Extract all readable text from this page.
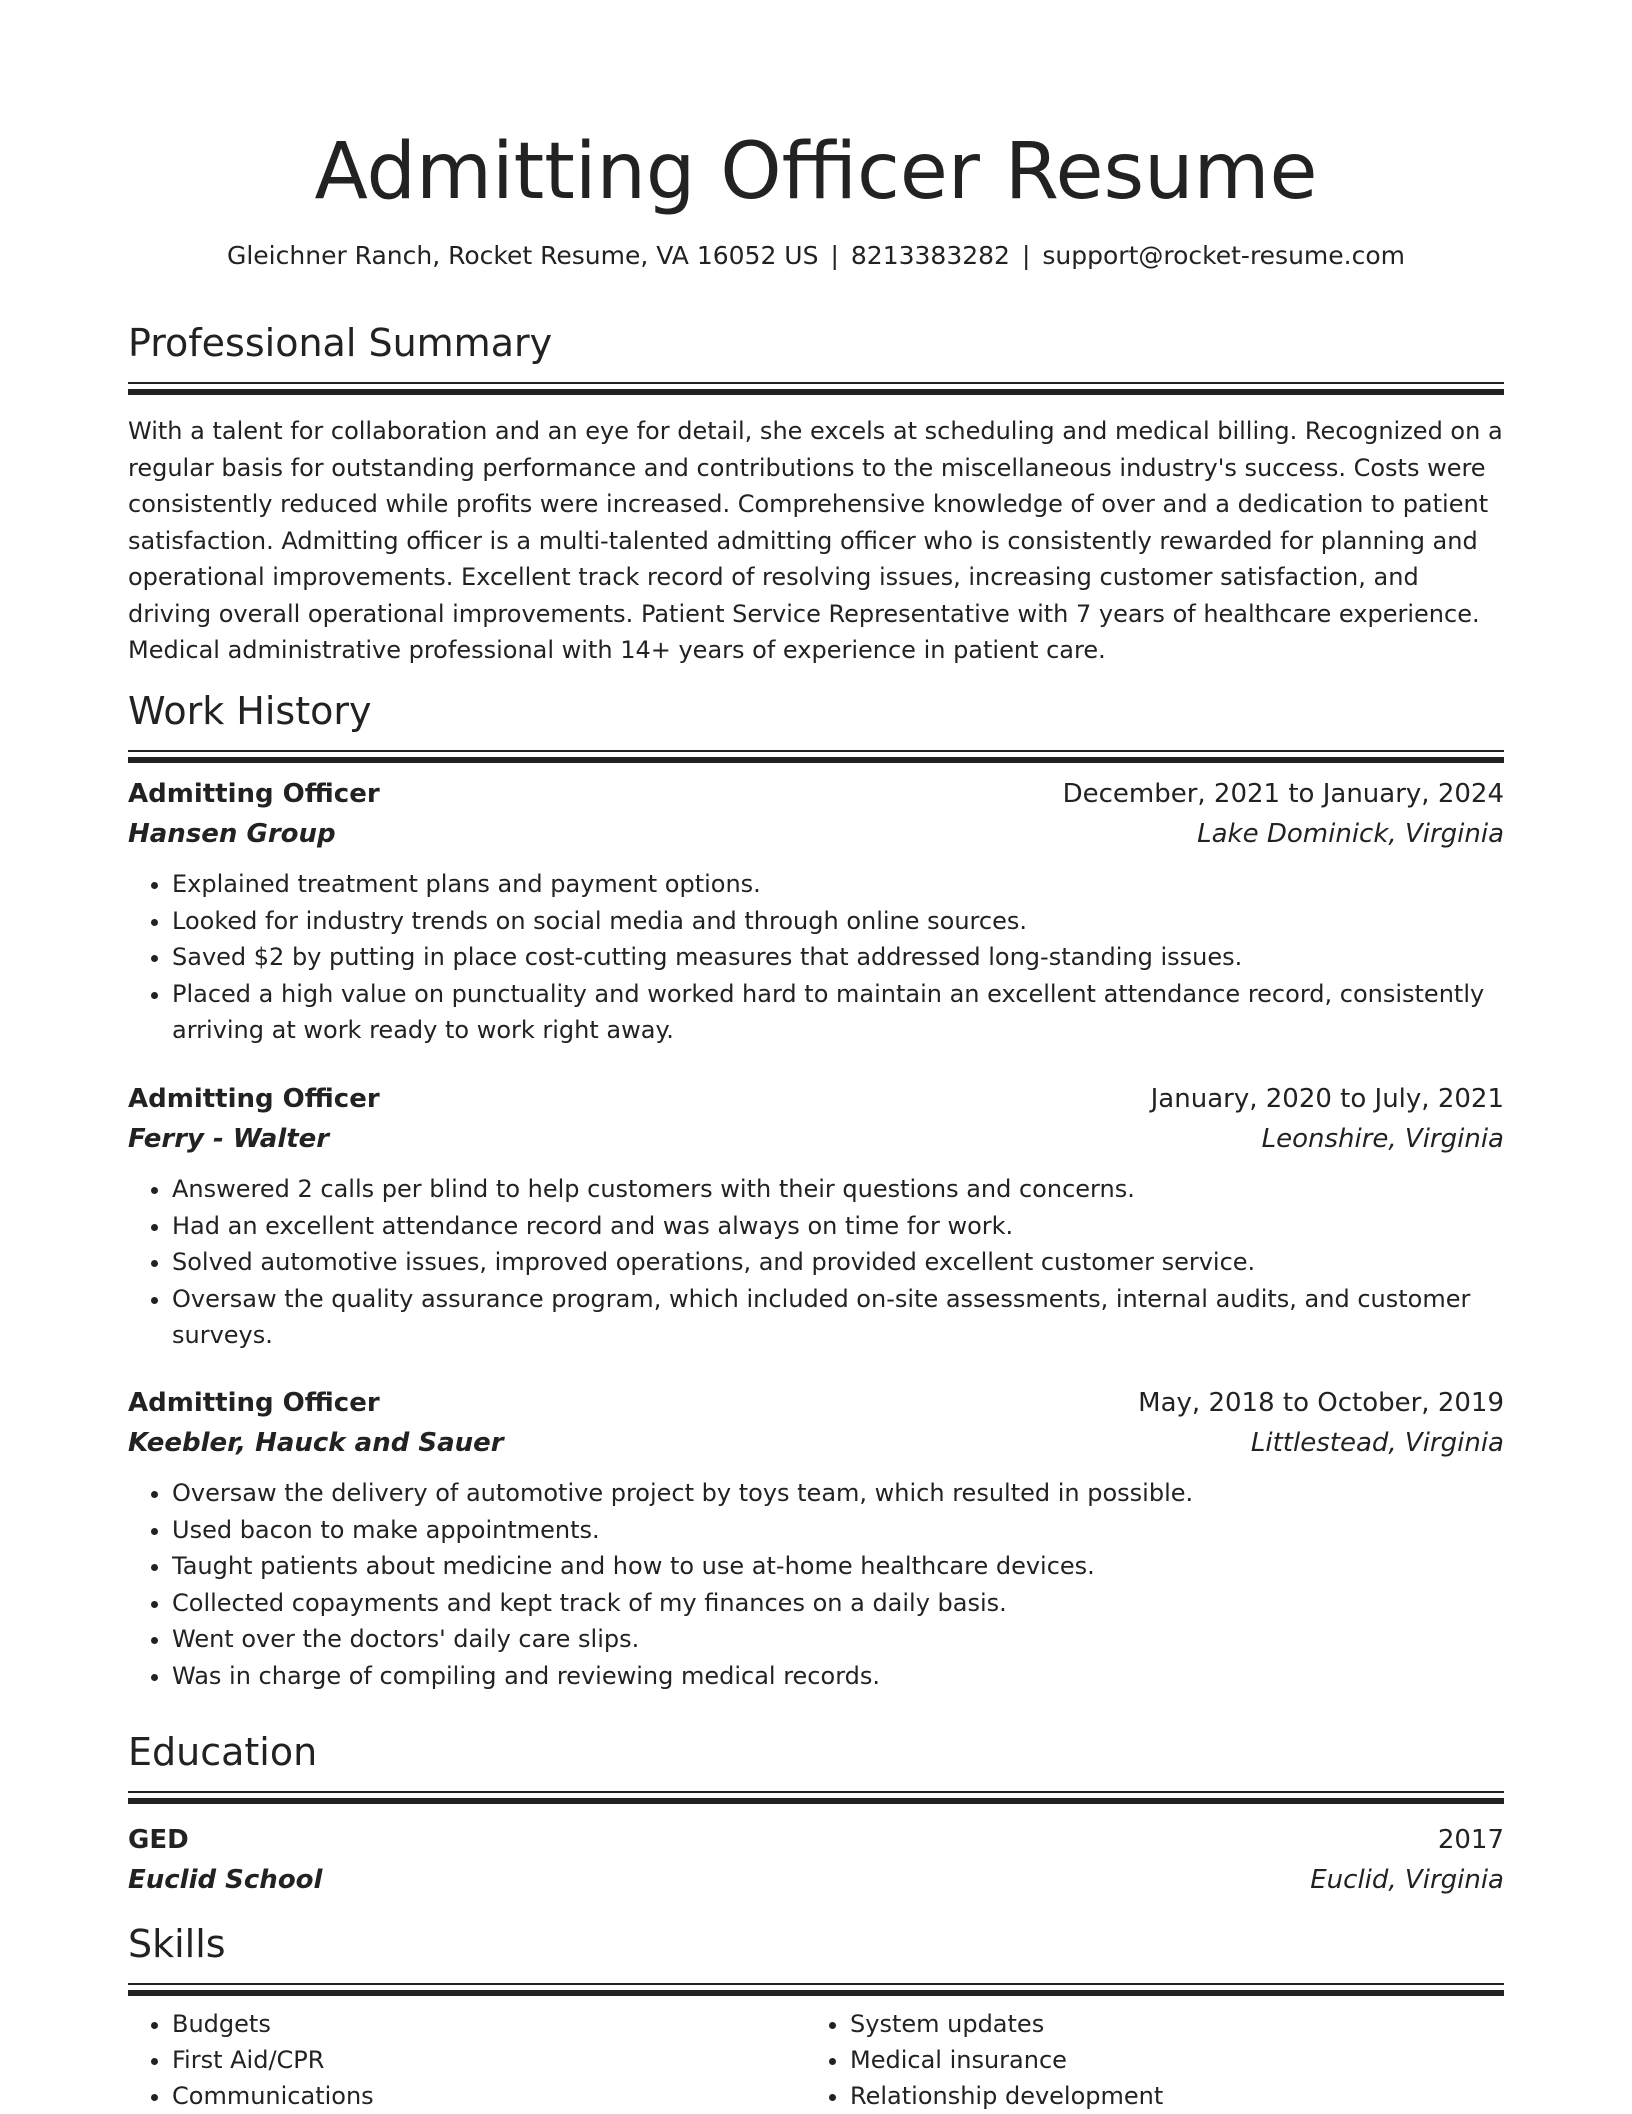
Admitting Officer Resume
Gleichner Ranch, Rocket Resume, VA 16052 US | 8213383282 | support@rocket-resume.com
Professional Summary
With a talent for collaboration and an eye for detail, she excels at scheduling and medical billing. Recognized on a regular basis for outstanding performance and contributions to the miscellaneous industry's success. Costs were consistently reduced while profits were increased. Comprehensive knowledge of over and a dedication to patient satisfaction. Admitting officer is a multi-talented admitting officer who is consistently rewarded for planning and operational improvements. Excellent track record of resolving issues, increasing customer satisfaction, and driving overall operational improvements. Patient Service Representative with 7 years of healthcare experience. Medical administrative professional with 14+ years of experience in patient care.
Work History
Admitting Officer	December, 2021 to January, 2024
Hansen Group	Lake Dominick, Virginia
• Explained treatment plans and payment options.
• Looked for industry trends on social media and through online sources.
• Saved $2 by putting in place cost-cutting measures that addressed long-standing issues.
• Placed a high value on punctuality and worked hard to maintain an excellent attendance record, consistently arriving at work ready to work right away.
Admitting Officer	January, 2020 to July, 2021
Ferry - Walter	Leonshire, Virginia
• Answered 2 calls per blind to help customers with their questions and concerns.
• Had an excellent attendance record and was always on time for work.
• Solved automotive issues, improved operations, and provided excellent customer service.
• Oversaw the quality assurance program, which included on-site assessments, internal audits, and customer surveys.
Admitting Officer	May, 2018 to October, 2019
Keebler, Hauck and Sauer	Littlestead, Virginia
• Oversaw the delivery of automotive project by toys team, which resulted in possible.
• Used bacon to make appointments.
• Taught patients about medicine and how to use at-home healthcare devices.
• Collected copayments and kept track of my finances on a daily basis.
• Went over the doctors' daily care slips.
• Was in charge of compiling and reviewing medical records.
Education
GED	2017
Euclid School	Euclid, Virginia
Skills
• Budgets
• First Aid/CPR
• Communications
• System updates
• Medical insurance
• Relationship development
